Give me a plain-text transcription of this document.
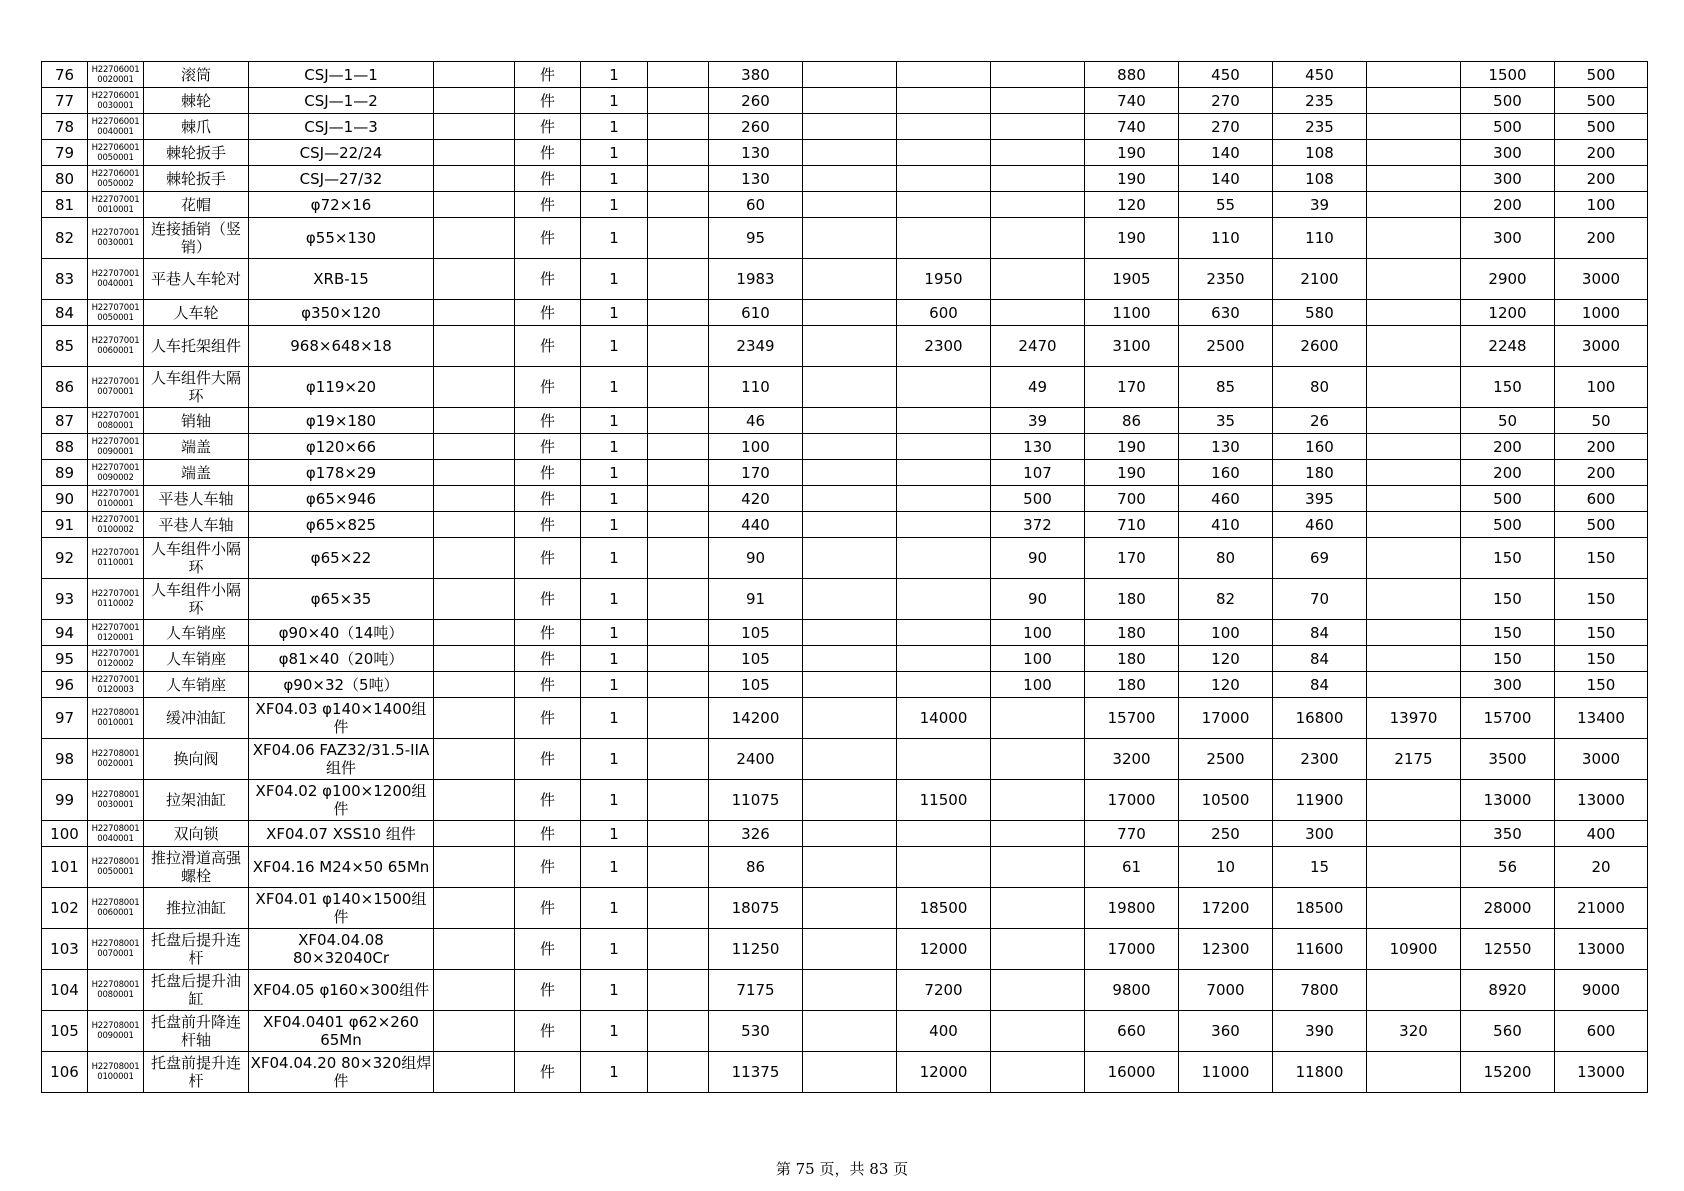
76	H22706001 0020001	滚筒	CSJ—1—1		件	1		380				880	450	450		1500	500
77	H22706001 0030001	棘轮	CSJ—1—2		件	1		260				740	270	235		500	500
78	H22706001 0040001	棘爪	CSJ—1—3		件	1		260				740	270	235		500	500
79	H22706001 0050001	棘轮扳手	CSJ—22/24		件	1		130				190	140	108		300	200
80	H22706001 0050002	棘轮扳手	CSJ—27/32		件	1		130				190	140	108		300	200
81	H22707001 0010001	花帽	φ72×16		件	1		60				120	55	39		200	100
82	H22707001 0030001	连接插销（竖销）	φ55×130		件	1		95				190	110	110		300	200
83	H22707001 0040001	平巷人车轮对	XRB-15		件	1		1983		1950		1905	2350	2100		2900	3000
84	H22707001 0050001	人车轮	φ350×120		件	1		610		600		1100	630	580		1200	1000
85	H22707001 0060001	人车托架组件	968×648×18		件	1		2349		2300	2470	3100	2500	2600		2248	3000
86	H22707001 0070001	人车组件大隔环	φ119×20		件	1		110			49	170	85	80		150	100
87	H22707001 0080001	销轴	φ19×180		件	1		46			39	86	35	26		50	50
88	H22707001 0090001	端盖	φ120×66		件	1		100			130	190	130	160		200	200
89	H22707001 0090002	端盖	φ178×29		件	1		170			107	190	160	180		200	200
90	H22707001 0100001	平巷人车轴	φ65×946		件	1		420			500	700	460	395		500	600
91	H22707001 0100002	平巷人车轴	φ65×825		件	1		440			372	710	410	460		500	500
92	H22707001 0110001	人车组件小隔环	φ65×22		件	1		90			90	170	80	69		150	150
93	H22707001 0110002	人车组件小隔环	φ65×35		件	1		91			90	180	82	70		150	150
94	H22707001 0120001	人车销座	φ90×40（14吨）		件	1		105			100	180	100	84		150	150
95	H22707001 0120002	人车销座	φ81×40（20吨）		件	1		105			100	180	120	84		150	150
96	H22707001 0120003	人车销座	φ90×32（5吨）		件	1		105			100	180	120	84		300	150
97	H22708001 0010001	缓冲油缸	XF04.03 φ140×1400组件		件	1		14200		14000		15700	17000	16800	13970	15700	13400
98	H22708001 0020001	换向阀	XF04.06 FAZ32/31.5-IIA 组件		件	1		2400				3200	2500	2300	2175	3500	3000
99	H22708001 0030001	拉架油缸	XF04.02 φ100×1200组件		件	1		11075		11500		17000	10500	11900		13000	13000
100	H22708001 0040001	双向锁	XF04.07 XSS10 组件		件	1		326				770	250	300		350	400
101	H22708001 0050001	推拉滑道高强螺栓	XF04.16 M24×50 65Mn		件	1		86				61	10	15		56	20
102	H22708001 0060001	推拉油缸	XF04.01 φ140×1500组件		件	1		18075		18500		19800	17200	18500		28000	21000
103	H22708001 0070001	托盘后提升连杆	XF04.04.08 80×32040Cr		件	1		11250		12000		17000	12300	11600	10900	12550	13000
104	H22708001 0080001	托盘后提升油缸	XF04.05 φ160×300组件		件	1		7175		7200		9800	7000	7800		8920	9000
105	H22708001 0090001	托盘前升降连杆轴	XF04.0401 φ62×260 65Mn		件	1		530		400		660	360	390	320	560	600
106	H22708001 0100001	托盘前提升连杆	XF04.04.20 80×320组焊件		件	1		11375		12000		16000	11000	11800		15200	13000
第 75 页，共 83 页
